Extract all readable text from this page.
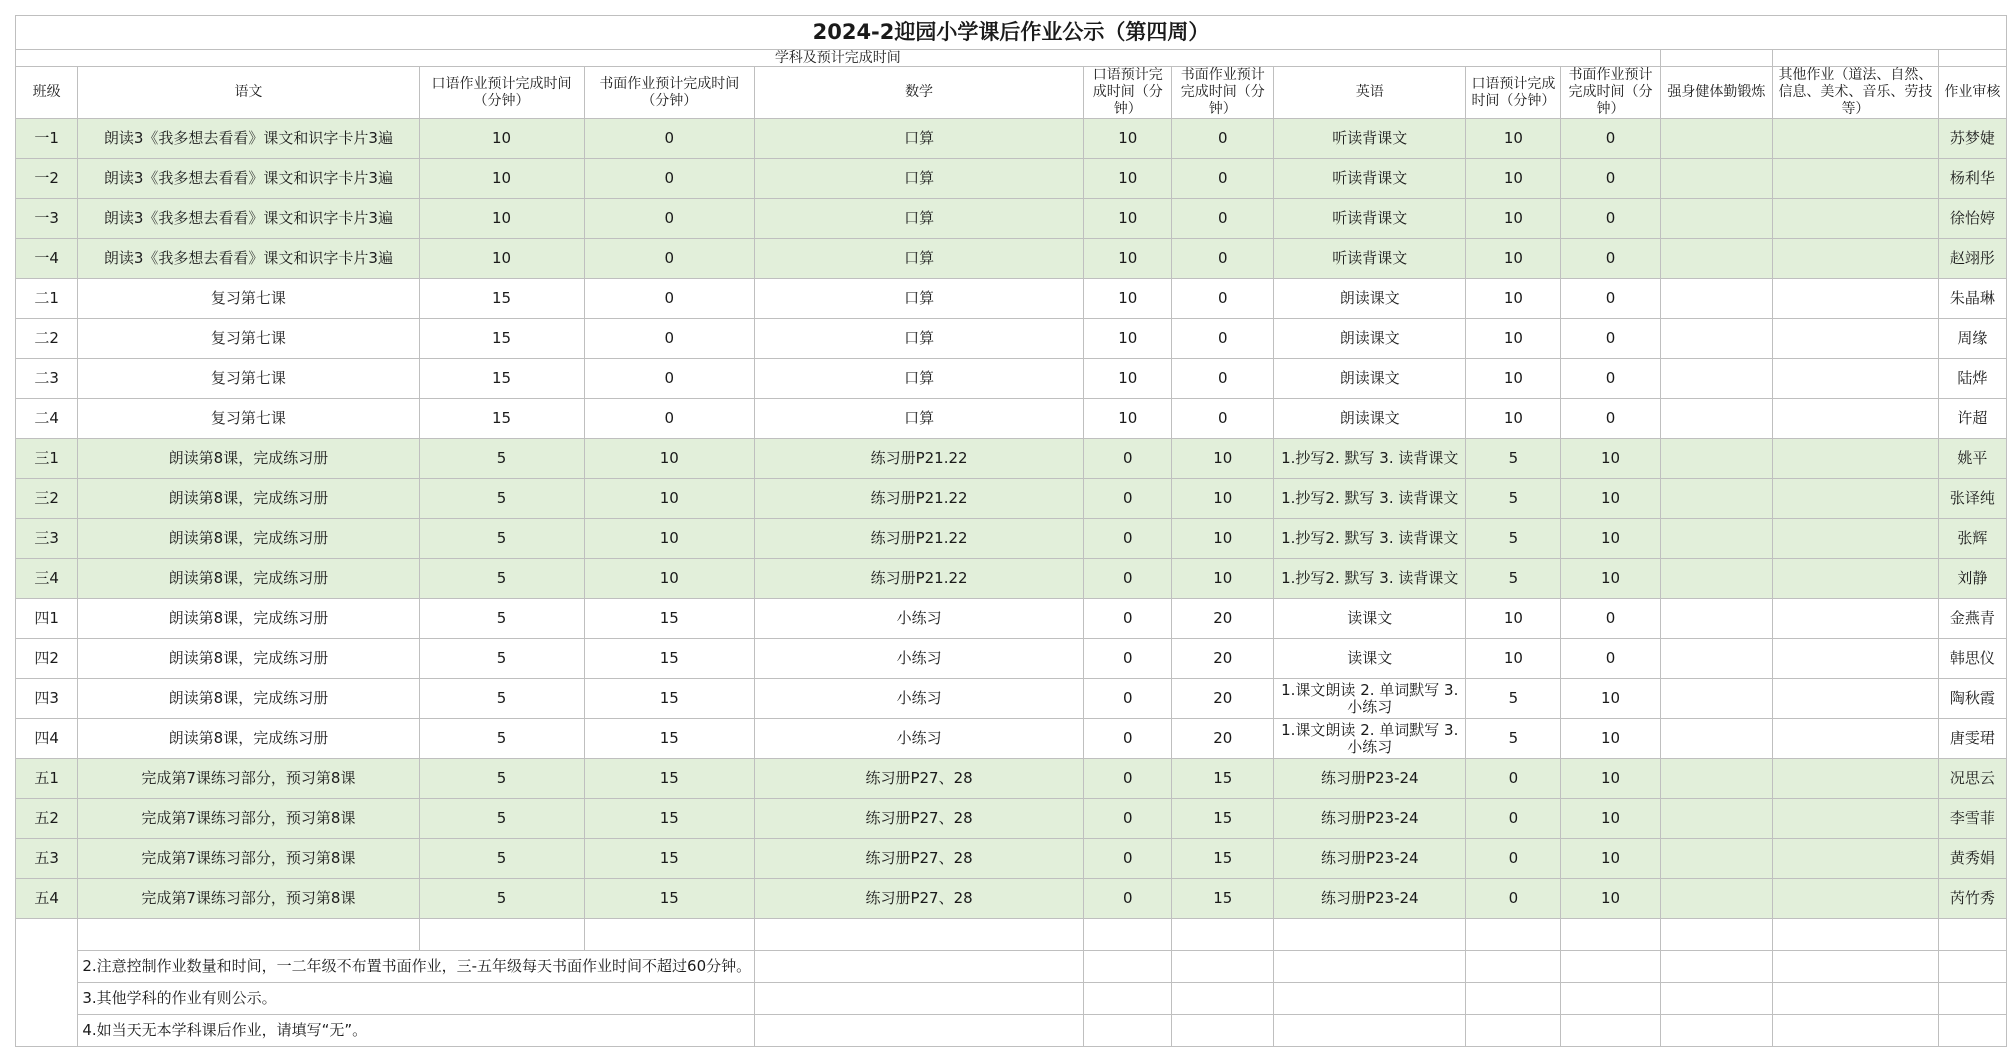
2024-2迎园小学课后作业公示（第四周）												
学科及预计完成时间												
班级	语文	口语作业预计完成时间（分钟）	书面作业预计完成时间（分钟）	数学	口语预计完成时间（分钟）	书面作业预计完成时间（分钟）	英语	口语预计完成时间（分钟）	书面作业预计完成时间（分钟）	强身健体勤锻炼	其他作业（道法、自然、信息、美术、音乐、劳技等）	作业审核
一1	朗读3《我多想去看看》课文和识字卡片3遍	10	0	口算	10	0	听读背课文	10	0			苏梦婕
一2	朗读3《我多想去看看》课文和识字卡片3遍	10	0	口算	10	0	听读背课文	10	0			杨利华
一3	朗读3《我多想去看看》课文和识字卡片3遍	10	0	口算	10	0	听读背课文	10	0			徐怡婷
一4	朗读3《我多想去看看》课文和识字卡片3遍	10	0	口算	10	0	听读背课文	10	0			赵翊彤
二1	复习第七课	15	0	口算	10	0	朗读课文	10	0			朱晶琳
二2	复习第七课	15	0	口算	10	0	朗读课文	10	0			周缘
二3	复习第七课	15	0	口算	10	0	朗读课文	10	0			陆烨
二4	复习第七课	15	0	口算	10	0	朗读课文	10	0			许超
三1	朗读第8课，完成练习册	5	10	练习册P21.22	0	10	1.抄写2. 默写 3. 读背课文	5	10			姚平
三2	朗读第8课，完成练习册	5	10	练习册P21.22	0	10	1.抄写2. 默写 3. 读背课文	5	10			张译纯
三3	朗读第8课，完成练习册	5	10	练习册P21.22	0	10	1.抄写2. 默写 3. 读背课文	5	10			张辉
三4	朗读第8课，完成练习册	5	10	练习册P21.22	0	10	1.抄写2. 默写 3. 读背课文	5	10			刘静
四1	朗读第8课，完成练习册	5	15	小练习	0	20	读课文	10	0			金燕青
四2	朗读第8课，完成练习册	5	15	小练习	0	20	读课文	10	0			韩思仪
四3	朗读第8课，完成练习册	5	15	小练习	0	20	1.课文朗读 2. 单词默写 3.小练习	5	10			陶秋霞
四4	朗读第8课，完成练习册	5	15	小练习	0	20	1.课文朗读 2. 单词默写 3.小练习	5	10			唐雯珺
五1	完成第7课练习部分，预习第8课	5	15	练习册P27、28	0	15	练习册P23-24	0	10			况思云
五2	完成第7课练习部分，预习第8课	5	15	练习册P27、28	0	15	练习册P23-24	0	10			李雪菲
五3	完成第7课练习部分，预习第8课	5	15	练习册P27、28	0	15	练习册P23-24	0	10			黄秀娟
五4	完成第7课练习部分，预习第8课	5	15	练习册P27、28	0	15	练习册P23-24	0	10			芮竹秀

	2.注意控制作业数量和时间，一二年级不布置书面作业，三-五年级每天书面作业时间不超过60分钟。											
	3.其他学科的作业有则公示。											
	4.如当天无本学科课后作业，请填写“无”。											
